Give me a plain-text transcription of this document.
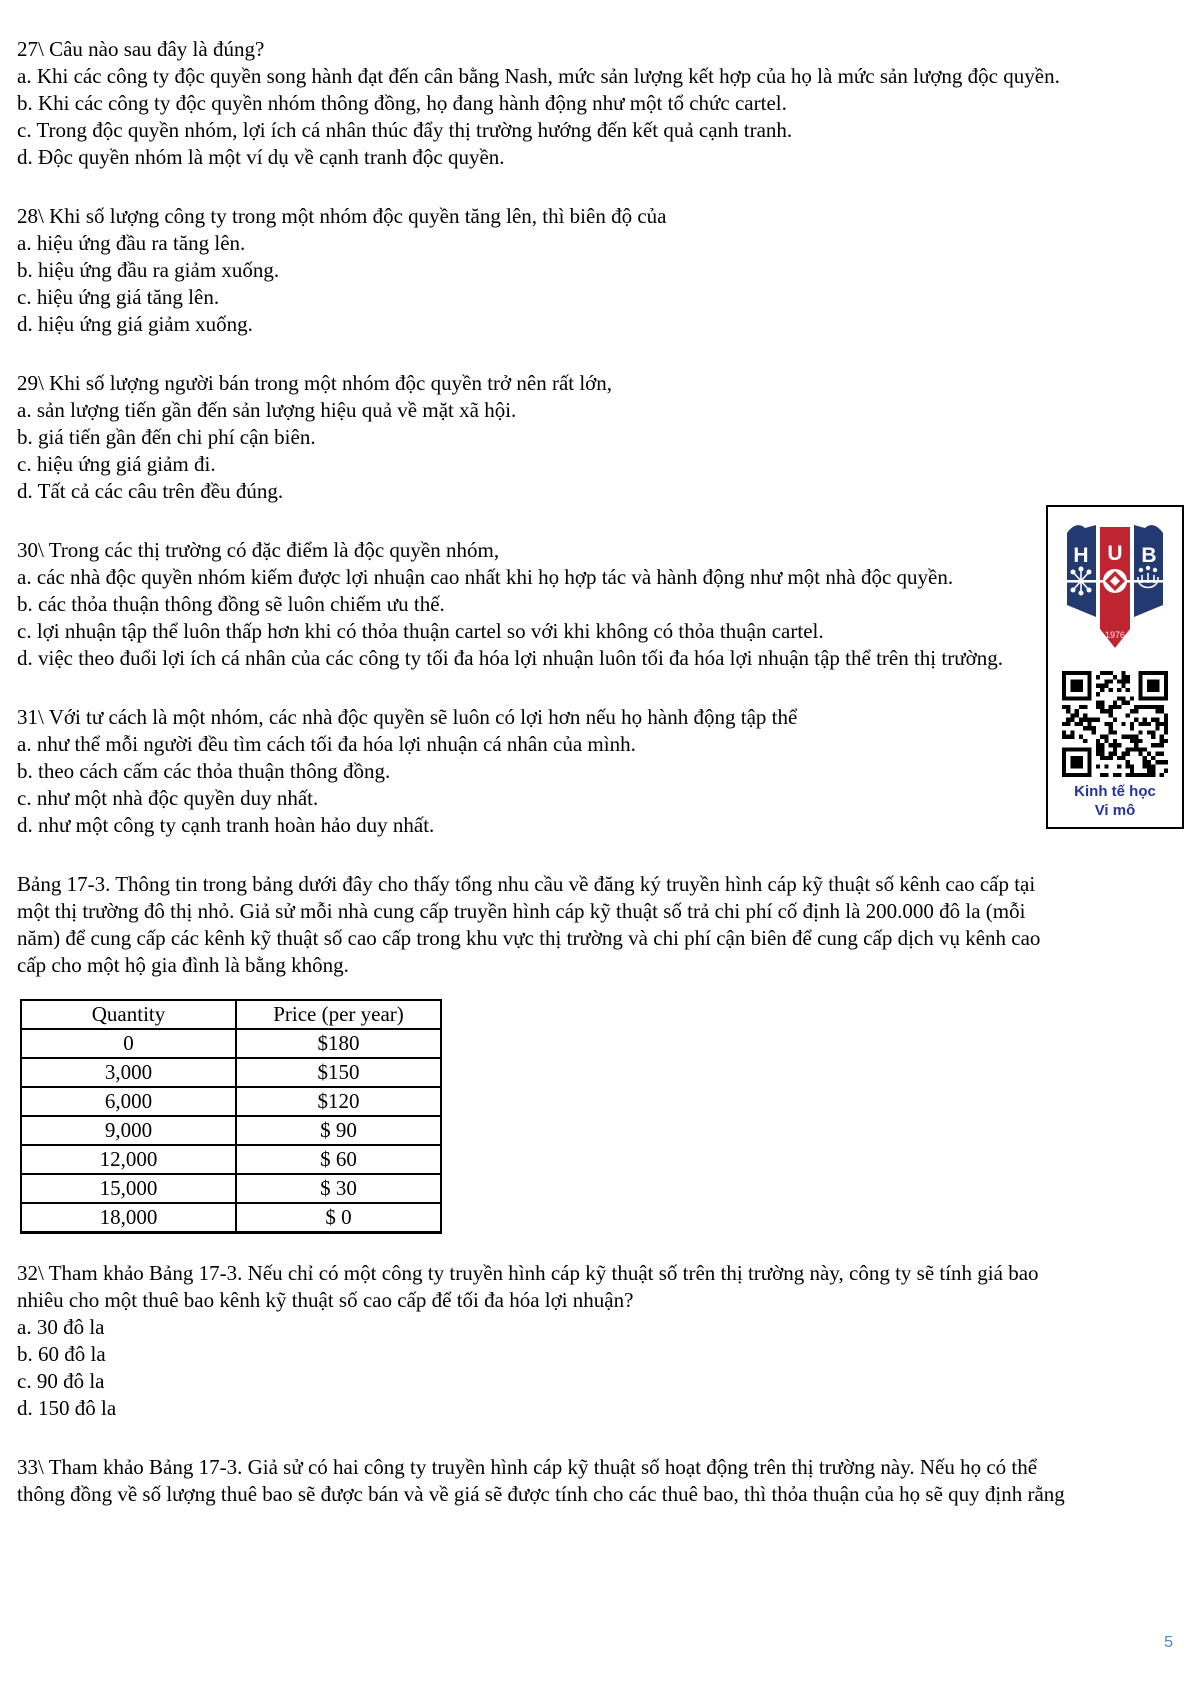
27\ Câu nào sau đây là đúng?

a. Khi các công ty độc quyền song hành đạt đến cân bằng Nash, mức sản lượng kết hợp của họ là mức sản lượng độc quyền.

b. Khi các công ty độc quyền nhóm thông đồng, họ đang hành động như một tổ chức cartel.

c. Trong độc quyền nhóm, lợi ích cá nhân thúc đẩy thị trường hướng đến kết quả cạnh tranh.

d. Độc quyền nhóm là một ví dụ về cạnh tranh độc quyền.

28\ Khi số lượng công ty trong một nhóm độc quyền tăng lên, thì biên độ của

a. hiệu ứng đầu ra tăng lên.

b. hiệu ứng đầu ra giảm xuống.

c. hiệu ứng giá tăng lên.

d. hiệu ứng giá giảm xuống.

29\ Khi số lượng người bán trong một nhóm độc quyền trở nên rất lớn,

a. sản lượng tiến gần đến sản lượng hiệu quả về mặt xã hội.

b. giá tiến gần đến chi phí cận biên.

c. hiệu ứng giá giảm đi.

d. Tất cả các câu trên đều đúng.

30\ Trong các thị trường có đặc điểm là độc quyền nhóm,

a. các nhà độc quyền nhóm kiếm được lợi nhuận cao nhất khi họ hợp tác và hành động như một nhà độc quyền.

b. các thỏa thuận thông đồng sẽ luôn chiếm ưu thế.

c. lợi nhuận tập thể luôn thấp hơn khi có thỏa thuận cartel so với khi không có thỏa thuận cartel.

d. việc theo đuổi lợi ích cá nhân của các công ty tối đa hóa lợi nhuận luôn tối đa hóa lợi nhuận tập thể trên thị trường.

31\ Với tư cách là một nhóm, các nhà độc quyền sẽ luôn có lợi hơn nếu họ hành động tập thể

a. như thể mỗi người đều tìm cách tối đa hóa lợi nhuận cá nhân của mình.

b. theo cách cấm các thỏa thuận thông đồng.

c. như một nhà độc quyền duy nhất.

d. như một công ty cạnh tranh hoàn hảo duy nhất.

Bảng 17-3. Thông tin trong bảng dưới đây cho thấy tổng nhu cầu về đăng ký truyền hình cáp kỹ thuật số kênh cao cấp tại một thị trường đô thị nhỏ. Giả sử mỗi nhà cung cấp truyền hình cáp kỹ thuật số trả chi phí cố định là 200.000 đô la (mỗi năm) để cung cấp các kênh kỹ thuật số cao cấp trong khu vực thị trường và chi phí cận biên để cung cấp dịch vụ kênh cao cấp cho một hộ gia đình là bằng không.

Quantity	Price (per year)
0	$180
3,000	$150
6,000	$120
9,000	$ 90
12,000	$ 60
15,000	$ 30
18,000	$ 0

32\ Tham khảo Bảng 17-3. Nếu chỉ có một công ty truyền hình cáp kỹ thuật số trên thị trường này, công ty sẽ tính giá bao nhiêu cho một thuê bao kênh kỹ thuật số cao cấp để tối đa hóa lợi nhuận?

a. 30 đô la

b. 60 đô la

c. 90 đô la

d. 150 đô la

33\ Tham khảo Bảng 17-3. Giả sử có hai công ty truyền hình cáp kỹ thuật số hoạt động trên thị trường này. Nếu họ có thể thông đồng về số lượng thuê bao sẽ được bán và về giá sẽ được tính cho các thuê bao, thì thỏa thuận của họ sẽ quy định rằng

H U B
1976
Kinh tế học
Vi mô
5
